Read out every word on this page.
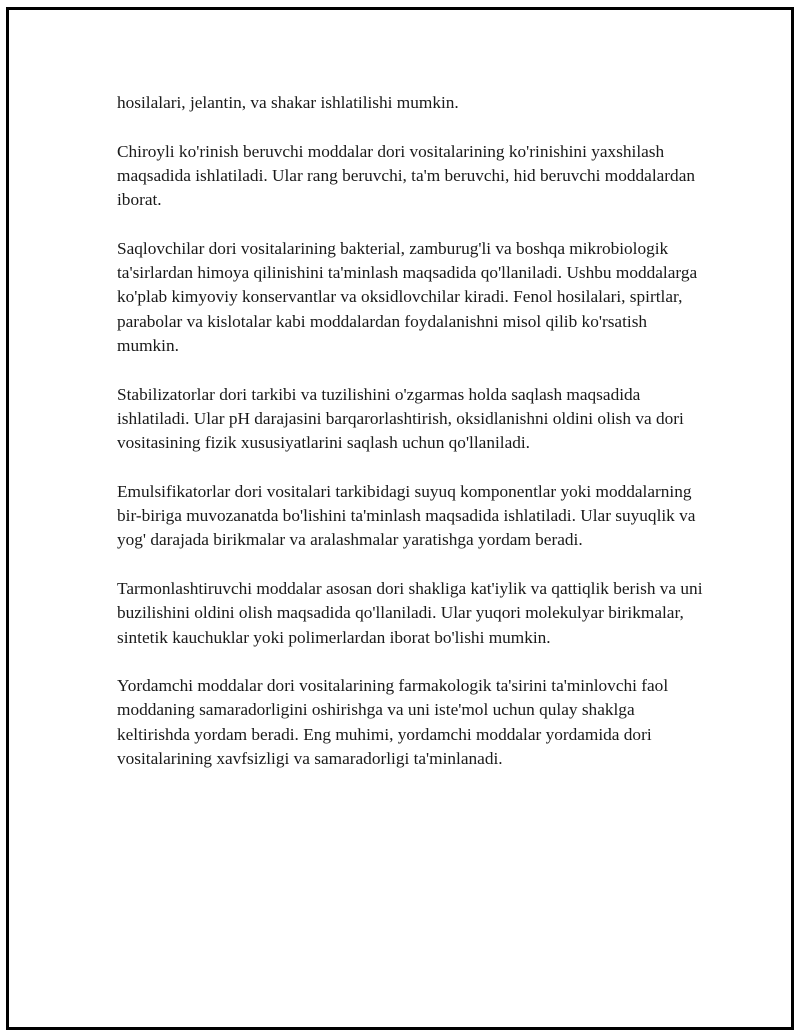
hosilalari, jelantin, va shakar ishlatilishi mumkin.

Chiroyli ko'rinish beruvchi moddalar dori vositalarining ko'rinishini yaxshilash maqsadida ishlatiladi. Ular rang beruvchi, ta'm beruvchi, hid beruvchi moddalardan iborat.

Saqlovchilar dori vositalarining bakterial, zamburug'li va boshqa mikrobiologik ta'sirlardan himoya qilinishini ta'minlash maqsadida qo'llaniladi. Ushbu moddalarga ko'plab kimyoviy konservantlar va oksidlovchilar kiradi. Fenol hosilalari, spirtlar, parabolar va kislotalar kabi moddalardan foydalanishni misol qilib ko'rsatish mumkin.

Stabilizatorlar dori tarkibi va tuzilishini o'zgarmas holda saqlash maqsadida ishlatiladi. Ular pH darajasini barqarorlashtirish, oksidlanishni oldini olish va dori vositasining fizik xususiyatlarini saqlash uchun qo'llaniladi.

Emulsifikatorlar dori vositalari tarkibidagi suyuq komponentlar yoki moddalarning bir-biriga muvozanatda bo'lishini ta'minlash maqsadida ishlatiladi. Ular suyuqlik va yog' darajada birikmalar va aralashmalar yaratishga yordam beradi.

Tarmonlashtiruvchi moddalar asosan dori shakliga kat'iylik va qattiqlik berish va uni buzilishini oldini olish maqsadida qo'llaniladi. Ular yuqori molekulyar birikmalar, sintetik kauchuklar yoki polimerlardan iborat bo'lishi mumkin.

Yordamchi moddalar dori vositalarining farmakologik ta'sirini ta'minlovchi faol moddaning samaradorligini oshirishga va uni iste'mol uchun qulay shaklga keltirishda yordam beradi. Eng muhimi, yordamchi moddalar yordamida dori vositalarining xavfsizligi va samaradorligi ta'minlanadi.
